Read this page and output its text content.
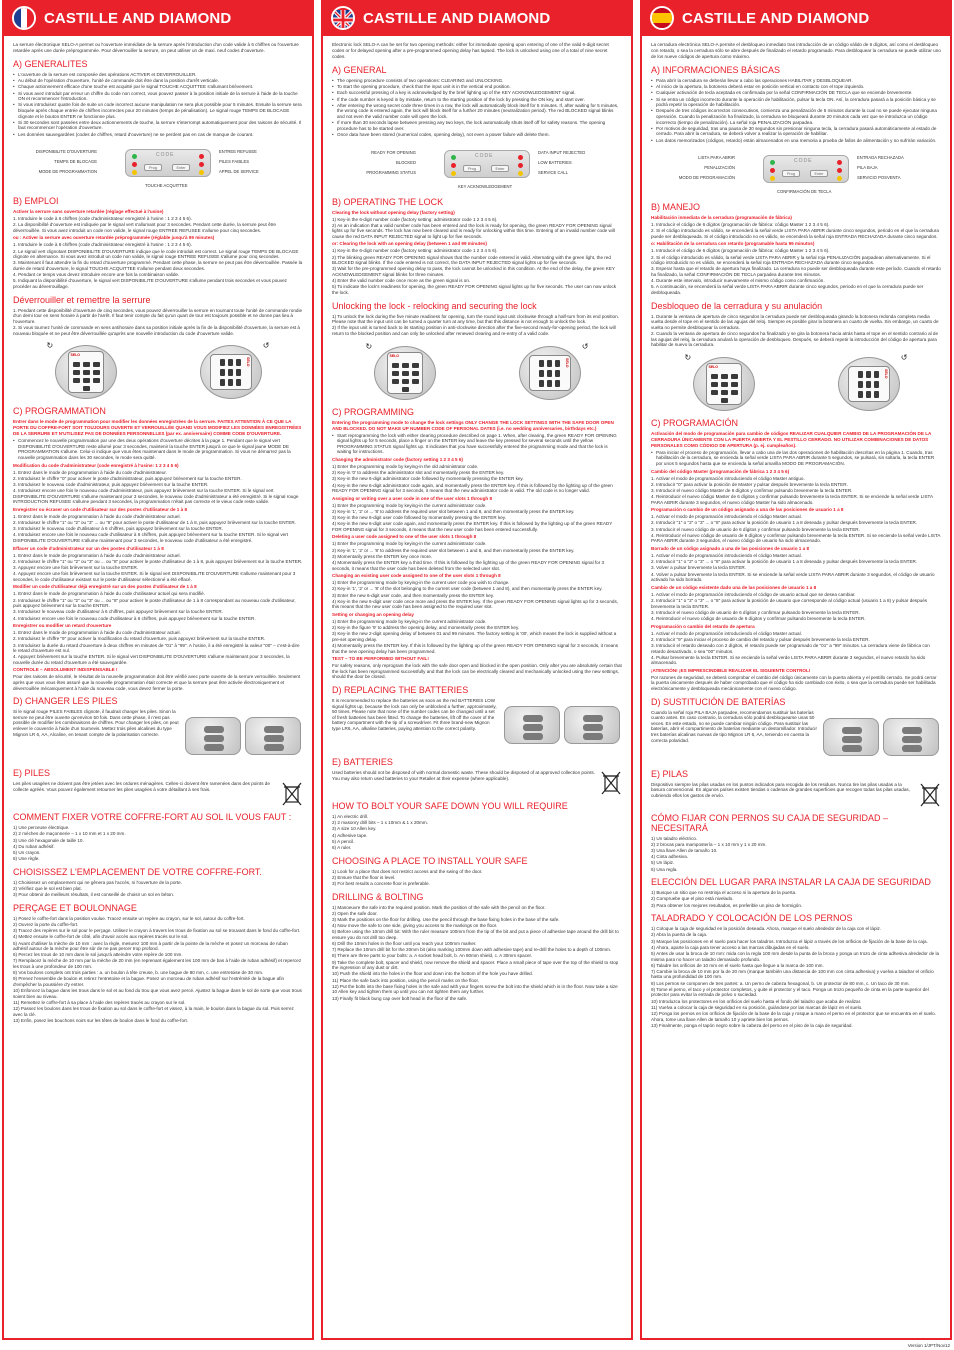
CASTILLE AND DIAMOND

La serrure électronique SELO-A permet ou l'ouverture immédiate de la serrure après l'introduction d'un code valide à 6 chiffres ou l'ouverture retardée après une durée préprogrammée. Pour déverrouiller la serrure, on peut utiliser un de maxi. neuf codes d'ouverture.

A) GENERALITES
• L'ouverture de la serrure est composée des opérations ACTIVER et DEVERROUILLER.
• Au début de l'opération d'ouverture, l'unité de commande doit être dans la position d'arrêt verticale.
• Chaque actionnement efficace d'une touche est acquitté par le signal TOUCHE ACQUITTEE s'allumant brièvement.
• Si vous avez introduit par erreur un chiffre du code non correct, vous pouvez passer à la position initiale de la serrure à l'aide de la touche ON et recommencer l'introduction.
• Si vous introduisez quatre fois de suite un code incorrect aucune manipulation ne sera plus possible pour 5 minutes. Ensuite la serrure sera bloquée après chaque entrée de chiffres incorrectes pour 20 minutes (temps de pénalisation). Le signal rouge TEMPS DE BLOCAGE clignote et le bouton ENTER ne fonctionne plus.
• Si 30 secondes sont passées entre deux actionnements de touche, la serrure s'interrompt automatiquement pour des raisons de sécurité. Il faut recommencer l'opération d'ouverture.
• Les données sauvegardées (codes de chiffres, retard d'ouverture) ne se perdent pas en cas de manque de courant.
DISPONIBILITE D'OUVERTURE
TEMPS DE BLOCAGE
MODE DE PROGRAMMATION
CODE
Prog	Enter
ENTREE REFUSEE
PILES FAIBLES
APPEL DE SERVICE
TOUCHE ACQUITTEE
B) EMPLOI
Activer la serrure sans ouverture retardée (réglage effectué à l'usine)
1. Introduire le code à 6 chiffres (code d'administrateur enregistré à l'usine : 1 2 3 4 5 6).
2. La disponibilité d'ouverture est indiquée par le signal vert s'allumant pour 3 secondes. Pendant cette durée, la serrure peut être déverrouillée. Si vous avez introduit un code non valide, le signal rouge ENTREE REFUSEE s'allume pour cinq secondes.
ou : Activer la serrure avec ouverture retardée préprogrammée (réglable jusqu'à 99 minutes)
1. Introduire le code à 6 chiffres (code d'administrateur enregistré à l'usine : 1 2 3 4 5 6).
2. Le signal vert clignotant DISPONIBILITE D'OUVERTURE indique que le code introduit est correct. Le signal rouge TEMPS DE BLOCAGE clignote en alternance. Si vous avez introduit un code non valide, le signal rouge ENTREE REFUSEE s'allume pour cinq secondes.
3. Maintenant il faut attendre la fin du retard d'ouverture programmé. Pendant cette phase, la serrure ne peut pas être déverrouillée. Passée la durée de retard d'ouverture, le signal TOUCHE ACQUITTEE s'allume pendant deux secondes.
4. Pendant ce temps vous devez introduire encore une fois la combinaison valide.
5. Indiquant la disponibilité d'ouverture, le signal vert DISPONIBILITE D'OUVERTURE s'allume pendant trois secondes et vous pouvez procéder au déverrouillage.
Déverrouiller et remettre la serrure
1. Pendant cette disponibilité d'ouverture de cinq secondes, vous pouvez déverrouiller la serrure en tournant toute l'unité de commande rondie d'un demi tour en sens horaire à partir de l'arrêt. Il faut tenir compte du fait qu'un quart de tour est toujours possible et ne donne pas lieu à l'ouverture.
2. Si vous tournez l'unité de commande en sens antihoraire dans sa position initiale après la fin de la disponibilité d'ouverture, la serrure est à nouveau bloquée et ne peut être déverrouillée qu'après une nouvelle introduction du code d'ouverture valide.
SELO
↻
SELO
↺
C) PROGRAMMATION
Entrer dans le mode de programmation pour modifier les données enregistrées de la serrure. FAITES ATTENTION À CE QUE LA PORTE DU COFFRE-FORT SOIT TOUJOURS OUVERTE ET VERROUILLÉE QUAND VOUS MODIFIEZ LES DONNÉES ENREGISTRÉES DE LA SERRURE ET N'UTILISEZ PAS DE DONNÉES PERSONNELLES (par ex. anniversaire) COMME CODE D'OUVERTURE.
• Commencez le nouvelle programmation par une des deux opérations d'ouverture décrites à la page 1. Pendant que le signal vert DISPONIBILITÉ D'OUVERTURE reste allumé pour 3 secondes, maintenir la touche ENTER jusqu'à ce que le signal jaune MODE DE PROGRAMMATION s'allume. Celui-ci indique que vous êtes maintenant dans le mode de programmation. Si vous ne démarrez pas la nouvelle programmation dans les 30 secondes, le mode sera quitté.
Modification du code d'administrateur (code enregistré à l'usine: 1 2 3 4 5 6)
1. Entrez dans le mode de programmation à l'aide du code d'administrateur.
2. Introduisez le chiffre "0" pour activer le poste d'administrateur, puis appuyez brièvement sur la touche ENTER.
3. Introduisez le nouveau code d'administrateur, puis appuyez brièvement sur la touche ENTER.
4. Introduisez encore une fois le nouveau code d'administrateur, puis appuyez brièvement sur la touche ENTER. Si le signal vert DISPONIBILITE D'OUVERTURE s'allume maintenant pour 3 secondes, le nouveau code d'administrateur a été enregistré. Si le signal rouge INTRODUCTION REFUSEE s'allume pendant 3 secondes, la programmation n'était pas correcte et le vieux code reste valide.
Enregistrer ou écraser un code d'utilisateur sur des postes d'utilisateur de 1 à 8
1. Entrez dans le mode de programmation à l'aide du code d'administrateur actuel.
2. Introduisez le chiffre "1" ou "2" ou "3" ... ou "8" pour activer le poste d'utilisateur de 1 à 8, puis appuyez brièvement sur la touche ENTER.
3. Introduisez le nouveau code d'utilisateur à 6 chiffres, puis appuyez brièvement sur la touche ENTER.
4. Introduisez encore une fois le nouveau code d'utilisateur à 6 chiffres, puis appuyez brièvement sur la touche ENTER. Si le signal vert DISPONIBILITE D'OUVERTURE s'allume maintenant pour 3 secondes, le nouveau code d'utilisateur a été enregistré.
Effacer un code d'administrateur sur un des postes d'utilisateur 1 à 8
1. Entrez dans le mode de programmation à l'aide du code d'administrateur actuel.
2. Introduisez le chiffre "1" ou "2" ou "3" ou ... ou "8" pour activer le poste d'utilisateur de 1 à 8, puis appuyez brièvement sur la touche ENTER.
3. Appuyez encore une fois brièvement sur la touche ENTER.
4. Appuyez encore une fois brièvement sur la touche ENTER. Si le signal vert DISPONIBILITE D'OUVERTURE s'allume maintenant pour 3 secondes, le code d'utilisateur existant sur le poste d'utilisateur sélectionné a été effacé.
Modifier un code d'utilisateur déjà enregistré sur un des postes d'utilisateur de 1 à 8
1. Entrez dans le mode de programmation à l'aide du code d'utilisateur actuel qui sera modifié.
2. Introduisez le chiffre "1" ou "2" ou "3" ou ... ou "8" pour activer le poste d'utilisateur de 1 à 8 correspondant au nouveau code d'utilisateur, puis appuyez brièvement sur la touche ENTER.
3. Introduisez le nouveau code d'utilisateur à 6 chiffres, puis appuyez brièvement sur la touche ENTER.
4. Introduisez encore une fois le nouveau code d'utilisateur à 6 chiffres, puis appuyez brièvement sur la touche ENTER.
Enregistrer ou modifier un retard d'ouverture
1. Entrez dans le mode de programmation à l'aide du code d'administrateur actuel.
2. Introduisez le chiffre "9" pour activer la modification du retard d'ouverture, puis appuyez brièvement sur la touche ENTER.
3. Introduisez la durée du retard d'ouverture à deux chiffres en minutes de "01" à "99". A l'usine, il a été enregistré la valeur "00" – c'est-à-dire le retard d'ouverture est nul.
4. Appuyez brièvement sur la touche ENTER. Si le signal vert DISPONIBILITE D'OUVERTURE s'allume maintenant pour 3 secondes, la nouvelle durée du retard d'ouverture a été sauvegardée.
CONTROLE – ABSOLUMENT INDISPENSABLE !

Pour des raisons de sécurité, le résultat de la nouvelle programmation doit être vérifié avec porte ouverte de la serrure verrouillée. Seulement après que vous vous êtes assuré que la nouvelle programmation était correcte et que la serrure peut être activée électroniquement et déverrouillée mécaniquement à l'aide du nouveau code, vous devez fermer la porte.

D) CHANGER LES PILES

Si le signal rouge PILES FAIBLES clignote, il faudrait changer les piles. Sinon la serrure ne peut être ouverte qu'environ 50 fois. Dans cette phase, il n'est pas possible de modifier les combinaisons de chiffres. Pour changer les piles, on peut enlever le couvercle à l'aide d'un tournevis. Mettez trois piles alcalines du type Mignon LR 6, AA, Alcaline, en tenant compte de la polarisation correcte.

E) PILES

Les piles usagées ne doivent pas être jetées avec les ordures ménagères. Celles-ci doivent être ramenées dans des points de collecte agréés. Vous pouvez également retourner les piles usagées à votre détaillant à ses frais.

COMMENT FIXER VOTRE COFFRE-FORT AU SOL IL VOUS FAUT :
1) Une perceuse électrique.
2) 2 mèches de maçonnerie – 1 x 10 mm et 1 x 20 mm.
3) Une clé hexagonale de taille 10.
4) Du ruban adhésif.
5) Un crayon.
6) Une règle.
CHOISISSEZ L'EMPLACEMENT DE VOTRE COFFRE-FORT.
1) Choisissez un emplacement qui ne gênera pas l'accès, ni l'ouverture de la porte.
2) Vérifiez que le sol est bien plat.
3) Pour obtenir de meilleurs résultats, il est conseillé de choisir un sol en béton.
PERÇAGE ET BOULONNAGE
1) Posez le coffre-fort dans la position voulue. Tracez ensuite un repère au crayon, sur le sol, autour du coffre-fort.
2) Ouvrez la porte du coffre-fort.
3) Tracez des repères sur le sol pour le perçage. Utilisez le crayon à travers les trous de fixation au sol se trouvant dans le fond du coffre-fort.
4) Mettez ensuite le coffre-fort de côté, afin d'avoir accès aux repères tracés sur le sol.
5) Avant d'utiliser la mèche de 10 mm : avec la règle, mesurez 100 mm à partir de la pointe de la mèche et posez un morceau de ruban adhésif autour de la mèche pour être sûr de ne pas percer trop profond.
6) Percez les trous de 10 mm dans le sol jusqu'à atteindre votre repère de 100 mm.
7) Remplacez la mèche de 10 mm par la mèche de 20 mm (en reprenant également les 100 mm de bas à l'aide de ruban adhésif) et repercez les trous à une profondeur de 100 mm.
8) Vos boulons complets ont trois parties : a. un boulon à tête creuse, b. une bague de 80 mm, c. une entretoise de 30 mm.
9) Prenez l'ensemble de boulon et retirez l'entretoise et la bague. Posez un morceau de ruban adhésif sur l'extrémité de la bague afin d'empêcher la poussière d'y entrer.
10) Enfoncez la bague dans les trous dans le sol et au fond du trou que vous avez percé. Ajustez la bague dans le sol de sorte que vous trous soient bien au niveau.
11) Remettez le coffre-fort à sa place à l'aide des repères tracés au crayon sur le sol.
12) Passez les boulons dans les trous de fixation au sol dans le coffre-fort et vissez, à la main, le boulon dans la bague du sol. Puis serrez avec la clé.
13) Enfin, posez les bouchons noirs sur les têtes de boulon dans le fond du coffre-fort.
CASTILLE AND DIAMOND

Electronic lock SELO-A can be set for two opening methods: either for immediate opening upon entering of one of the valid 6-digit secret codes or for delayed opening after a pre-programmed opening delay has lapsed. The lock is unlocked using one of a total of nine secret codes.

A) GENERAL
• The opening procedure consists of two operations: CLEARING and UNLOCKING.
• To start the opening procedure, check that the input unit is in the vertical end position.
• Each successful pressing of a key is acknowledged by the brief lighting up of the KEY ACKNOWLEDGEMENT signal.
• If the code number is keyed in by mistake, return to the starting position of the lock by pressing the ON key, and start over.
• After entering the wrong secret code three times in a row, the lock will automatically block itself for 5 minutes. If, after waiting for 5 minutes, the wrong code is entered again, the lock will block itself for a further 20 minutes (neutralization period). The red BLOCKED signal blinks and not even the valid number code will open the lock.
• If more than 30 seconds lapse between pressing any two keys, the lock automatically shuts itself off for safety reasons. The opening procedure has to be started over.
• Once data have been stored (numerical codes, opening delay), not even a power failure will delete them.
READY FOR OPENING
BLOCKED
PROGRAMMING STATUS
CODE
Prog	Enter
DATA INPUT REJECTED
LOW BATTERIES
SERVICE CALL
KEY ACKNOWLEDGEMENT
B) OPERATING THE LOCK
Clearing the lock without opening delay (factory setting)
1) Key-in the 6-digit number code (factory setting: administrator code 1 2 3 4 5 6).
2) As an indication that a valid number code has been entered and the lock is ready for opening, the green READY FOR OPENING signal lights up for five seconds. The lock has now been cleared and is ready for unlocking within this time. Entering of an invalid number code will cause the red DATA INPUT REJECTED signal to light up for five seconds.
or: Clearing the lock with an opening delay (between 1 and 99 minutes)
1) Key-in the 6-digit number code (factory setting: administrator code 1 2 3 4 5 6).
2) The blinking green READY FOR OPENING signal shows that the number code entered is valid. Alternating with the green light, the red BLOCKED signal blinks. If the code entered is not correct, the DATA INPUT REJECTED signal lights up for five seconds.
3) Wait for the pre-programmed opening delay to pass, the lock cannot be unlocked in this condition. At the end of the delay, the green KEY ACKNOWLEDGEMENT signal blinks for three minutes.
4) Enter the valid number code once more as the green signal is on.
5) To indicate the lock's readiness for opening, the green READY FOR OPENING signal lights up for five seconds. The user can now unlock the lock.
Unlocking the lock - relocking and securing the lock
1) To unlock the lock during the five minute readiness for opening, turn the round input unit clockwise through a half-turn from its end position. Please note that the input unit can be turned a quarter turn at any time, but that this distance is not enough to unlock the lock.
2) If the input unit is turned back to its starting position in anti-clockwise direction after the five-second ready-for-opening period, the lock will return to the blocked position and can only be unlocked after renewed clearing and re-entry of a valid code.
SELO
↻
SELO
↺
C) PROGRAMMING
Entering the programming mode to change the lock settings ONLY CHANGE THE LOCK SETTINGS WITH THE SAFE DOOR OPEN AND BLOCKED. DO NOT MAKE UP NUMBER CODE OF PERSONAL DATES (i.e. no wedding anniversaries, birthdays etc.)
• Start reprogramming the lock with either clearing procedure described on page 1. When, after clearing, the green READY FOR OPENING signal lights up for 5 seconds, place a finger on the ENTER key and leave the key pressed for several seconds until the yellow PROGRAMMING STATUS signal lights up. It indicates that you have successfully entered the programming mode and that the lock is waiting for instructions.
Changing the administrator code (factory setting 1 2 3 4 5 6)
1) Enter the programming mode by keying-in the old administrator code.
2) Key-in '0' to address the administrator slot and momentarily press the ENTER key.
3) Key-in the new 6-digit administrator code followed by momentarily pressing the ENTER key.
4) Key-in the new 6-digit administrator code again, and momentarily press the ENTER key. If this is followed by the lighting up of the green READY FOR OPENING signal for 3 seconds, it means that the new administrator code is valid. The old code is no longer valid.
Assigning or writing over a user code in one of the user slots 1 through 8
1) Enter the programming mode by keying-in the current administrator code.
2) Key-in '1', '2' or ... '8' to address the required user slot between 1 and 8, and then momentarily press the ENTER key.
3) Key-in the new 6-digit user code followed by momentarily pressing the ENTER key.
4) Key-in the new 6-digit user code again, and momentarily press the ENTER key. If this is followed by the lighting up of the green READY FOR OPENING signal for 3 seconds, it means that the new user code has been entered successfully.
Deleting a user code assigned to one of the user slots 1 through 8
1) Enter the programming mode by keying-in the current administrator code.
2) Key-in '1', '2' or ... '8' to address the required user slot between 1 and 8, and then momentarily press the ENTER key.
3) Momentarily press the ENTER key once more.
4) Momentarily press the ENTER key a third time. If this is followed by the lighting up of the green READY FOR OPENING signal for 3 seconds, it means that the user code has been deleted from the selected user slot.
Changing an existing user code assigned to one of the user slots 1 through 8
1) Enter the programming mode by keying-in the current user code you wish to change.
2) Key-in '1', '2' or ... '8' of the slot belonging to the current user code (between 1 and 8), and then momentarily press the ENTER key.
3) Enter the new 6-digit user code, and then momentarily press the ENTER key.
4) Key-in the new 6-digit user code once more and press the ENTER key. If the green READY FOR OPENING signal lights up for 3 seconds, this means that the new user code has been assigned to the required user slot.
Setting or changing an opening delay
1) Enter the programming mode by keying-in the current administrator code.
2) Key-in the figure '9' to address the opening delay, and momentarily press the ENTER key.
3) Key-in the new 2-digit opening delay of between 01 and 99 minutes. The factory setting is '00', which means the lock is supplied without a pre-set opening delay.
4) Momentarily press the ENTER key. If this is followed by the lighting up of the green READY FOR OPENING signal for 3 seconds, it means that the new opening delay has been programmed.
TEST – TO BE PERFORMED WITHOUT FAIL!

For safety reasons, only reprogram the lock with the safe door open and blocked in the open position. Only after you are absolutely certain that the lock has been reprogrammed successfully and that the lock can be electrically cleared and mechanically unlocked using the new settings, should the door be closed.

D) REPLACING THE BATTERIES

It is recommended to replace the batteries as soon as the red BATTERIES LOW signal lights up, because the lock can only be unblocked a further, approximately, 50 times. Please note that none of the number codes can be changed until a set of fresh batteries has been fitted. To change the batteries, lift off the cover of the battery compartment with the tip of a screwdriver. Fit three brand-new Mignon type LR6, AA, alkaline batteries, paying attention to the correct polarity.

E) BATTERIES

Used batteries should not be disposed of with normal domestic waste. These should be disposed of at approved collection points. You may also return used batteries to your Retailer at their expense (where applicable).

HOW TO BOLT YOUR SAFE DOWN YOU WILL REQUIRE
1) An electric drill.
2) 2 masonry drill bits – 1 x 10mm & 1 x 20mm.
3) A size 10 Allen key.
4) Adhesive tape.
5) A pencil.
6) A ruler.
CHOOSING A PLACE TO INSTALL YOUR SAFE
1) Look for a place that does not restrict access and the swing of the door.
2) Ensure that the floor is level.
3) For best results a concrete floor is preferable.
DRILLING & BOLTING
1) Manoeuvre the safe into the required position. Mark the position of the safe with the pencil on the floor.
2) Open the safe door.
3) Mark the positions on the floor for drilling. Use the pencil through the base fixing holes in the base of the safe.
4) Now move the safe to one side, giving you access to the markings on the floor.
5) Before using the 10mm drill bit: With the ruler measure 100mm from the tip of the bit and put a piece of adhesive tape around the drill bit to ensure you do not drill too deep.
6) Drill the 10mm holes in the floor until you reach your 100mm marker.
7) Replace the 10mm drill bit for the 20mm bit (also marking 100mm down with adhesive tape) and re-drill the holes to a depth of 100mm.
8) There are three parts to your bolts: a. A socket head bolt, b. An 80mm shield, c. A 30mm spacer.
9) Take the complete bolt, spacer and shield, now remove the shield and spacer. Place a small piece of tape over the top of the shield to stop the ingression of any dust or dirt.
10) Push the shield into the holes in the floor and down into the bottom of the hole you have drilled.
11) Place the safe back into position, using the pencil marks on the floor.
12) Put the bolts into the base fixing holes in the safe and with your fingers screw the bolt into the shield which is in the floor. Now take a size 10 Allen key and tighten them up until you can not tighten them any further.
13) Finally fit black bung cap over bolt head in the floor of the safe.
CASTILLE AND DIAMOND

La cerradura electrónica SELO-A permite el desbloqueo inmediato tras introducción de un código válido de 6 dígitos, así como el desbloqueo con retardo, o sea la cerradura sólo se abre después de finalizado el retardo programado. Para desbloquear la cerradura se puede utilizar uno de los nueve códigos de apertura como máximo.

A) INFORMACIONES BÁSICAS
• Para abrir la cerradura se deberán llevar a cabo las operaciones HABILITAR y DESBLOQUEAR.
• Al inicio de la apertura, la botonera deberá estar en posición vertical en contacto con el tope izquierdo.
• Cualquier activación de tecla aceptada es confirmada por la señal CONFIRMACIÓN DE TECLA que se enciende brevemente.
• Si se entra un código incorrecto durante la operación de habilitación, pulsar la tecla ON. Así, la cerradura pasará a la posición básica y se podrá repetir la operación de habilitación.
• Después de tres códigos incorrectos consecutivos, comienza una penalización de 5 minutos durante la cual no se puede ejecutar ninguna operación. Cuando la penalización ha finalizado, la cerradura se bloqueará durante 20 minutos cada vez que se introduzca un código incorrecto (tiempo de penalización). La señal roja PENALIZACIÓN parpadea.
• Por motivos de seguridad, tras una pausa de 30 segundos sin presionar ninguna tecla, la cerradura pasará automáticamente al estado de cerrado. Para abrir la cerradura, se deberá volver a realizar la operación de habilitar.
• Los datos memorizados (códigos, retardo) están almacenados en una memoria a prueba de fallos de alimentación y no sufrirán variación.
LISTA PARA ABRIR
PENALIZACIÓN
MODO DE PROGRAMACIÓN
CODE
Prog	Enter
ENTRADA RECHAZADA
PILA BAJA
SERVICIO POSVENTA
CONFIRMACIÓN DE TECLA
B) MANEJO
Habilitación inmediata de la cerradura (programación de fábrica)
1. Introducir el código de 6 dígitos (programación de fábrica: código Master 1 2 3 4 5 6).
2. Si el código introducido es válido, se encenderá la señal verde LISTA PARA ABRIR durante cinco segundos, periodo en el que la cerradura puede ser desbloqueada. Si el código introducido no es válido, se encenderá la señal roja ENTRADA RECHAZADA durante cinco segundos.
o: Habilitación de la cerradura con retardo (programable hasta 99 minutos)
1. Introducir el código de 6 dígitos (programación de fábrica: código Master 1 2 3 4 5 6).
2. Si el código introducido es válido, la señal verde LISTA PARA ABRIR y la señal roja PENALIZACIÓN parpadean alternativamente. Si el código introducido no es válido, se encenderá la señal roja ENTRADA RECHAZADA durante cinco segundos.
3. Esperar hasta que el retardo de apertura haya finalizado. La cerradura no puede ser desbloqueada durante este período. Cuando el retardo ha finalizado, la señal CONFIRMACIÓN DE TECLA parpadea durante tres minutos.
4. Durante este intervalo, introducir nuevamente el mismo código como confirmación.
5. A continuación, se encenderá la señal verde LISTA PARA ABRIR durante cinco segundos, periodo en el que la cerradura puede ser desbloqueada.
Desbloqueo de la cerradura y su anulación
1. Durante la ventana de apertura de cinco segundos la cerradura puede ser desbloqueada girando la botonera redonda completa media vuelta desde el tope en el sentido de las agujas del reloj. Siempre es posible girar la botonera un cuarto de vuelta. Sin embargo, un cuarto de vuelta no permite desbloquear la cerradura.
2. Cuando la ventana de apertura de cinco segundos ha finalizado y se gira la botonera hacia atrás hasta el tope en el sentido contrario al de las agujas del reloj, la cerradura anulará la operación de desbloqueo. Después, se deberá repetir la introducción del código de apertura para habilitar de nuevo la cerradura.
SELO
↻
SELO
↺
C) PROGRAMACIÓN
Activación del modo de programación para cambio de códigos REALIZAR CUALQUIER CAMBIO DE LA PROGRAMACIÓN DE LA CERRADURA ÚNICAMENTE CON LA PUERTA ABIERTA Y EL PESTILLO CERRADO. NO UTILIZAR COMBINACIONES DE DATOS PERSONALES COMO CÓDIGO DE APERTURA (p. ej. cumpleaños).
• Para iniciar el proceso de programación, llevar a cabo una de las dos operaciones de habilitación descritas en la página 1. Cuando, tras habilitación de la cerradura, se encienda la señal verde LISTA PARA ABRIR durante 5 segundos, se pulsará, sin soltarla, la tecla ENTER por unos 5 segundos hasta que se encienda la señal amarilla MODO DE PROGRAMACIÓN.
Cambio del código Master (programación de fábrica 1 2 3 4 5 6)
1. Activar el modo de programación introduciendo el código Master antiguo.
2. Introducir "0" para activar la posición de Master y pulsar después brevemente la tecla ENTER.
3. Introducir el nuevo código Master de 6 dígitos y confirmar pulsando brevemente la tecla ENTER.
4. Reintroducir el nuevo código Master de 6 dígitos y confirmar pulsando brevemente la tecla ENTER. Si se enciende la señal verde LISTA PARA ABRIR durante 3 segundos, el nuevo código Master ha sido almacenado.
Programación o cambio de un código asignado a una de las posiciones de usuario 1 a 8
1. Activar el modo de programación introduciendo el código Master actual.
2. Introducir "1" o "2" o "3" ... o "8" para activar la posición de usuario 1 a 8 deseada y pulsar después brevemente la tecla ENTER.
3. Introducir el nuevo código de usuario de 6 dígitos y confirmar pulsando brevemente la tecla ENTER.
4. Reintroducir el nuevo código de usuario de 6 dígitos y confirmar pulsando brevemente la tecla ENTER. Si se enciende la señal verde LISTA PARA ABRIR durante 3 segundos, el nuevo código de usuario ha sido almacenado.
Borrado de un código asignado a una de las posiciones de usuario 1 a 8
1. Activar el modo de programación introduciendo el código Master actual.
2. Introducir "1" o "2" o "3" ... o "8" para activar la posición de usuario 1 a 8 deseada y pulsar después brevemente la tecla ENTER.
3. Volver a pulsar brevemente la tecla ENTER.
4. Volver a pulsar brevemente la tecla ENTER. Si se enciende la señal verde LISTA PARA ABRIR durante 3 segundos, el código de usuario activado ha sido borrado.
Cambio de un código existente dado una de las posiciones de usuario 1 a 8
1. Activar el modo de programación introduciendo el código de usuario actual que se desea cambiar.
2. Introducir "1" o "2" o "3" ... o "8" para activar la posición de usuario que corresponde al código actual (usuario 1 a 8) y pulsar después brevemente la tecla ENTER.
3. Introducir el nuevo código de usuario de 6 dígitos y confirmar pulsando brevemente la tecla ENTER.
4. Reintroducir el nuevo código de usuario de 6 dígitos y confirmar pulsando brevemente la tecla ENTER.
Programación o cambio del retardo de apertura
1. Activar el modo de programación introduciendo el código Master actual.
2. Introducir "9" para iniciar el proceso de cambio del retardo y pulsar después brevemente la tecla ENTER.
3. Introducir el retardo deseado con 2 dígitos, el retardo puede ser programado de "01" a "99" minutos. La cerradura viene de fábrica con retardo desactivado, o sea "00" minutos.
4. Pulsar brevemente la tecla ENTER. Si se enciende la señal verde LISTA PARA ABRIR durante 3 segundos, el nuevo retardo ha sido almacenado.
¡ATENCIÓN! ¡ES IMPRESCINDIBLE REALIZAR EL SIGUIENTE CONTROL!

Por razones de seguridad, se deberá comprobar el cambio del código únicamente con la puerta abierta y el pestillo cerrado. Se podrá cerrar la puerta únicamente después de haber comprobado que el código ha sido cambiado con éxito, o sea que la cerradura puede ser habilitada electrónicamente y desbloqueada mecánicamente con el nuevo código.

D) SUSTITUCIÓN DE BATERÍAS

Cuando la señal roja PILA BAJA parpadee, recomendamos sustituir las baterías cuanto antes. En caso contrario, la cerradura sólo podrá desbloquearse unas 50 veces. En este estado, no se puede cambiar ningún código. Para sustituir las baterías, abrir el compartimento de baterías mediante un destornillador. Introducir tres baterías alcalinas nuevas de tipo Mignon LR 6, AA, teniendo en cuenta la correcta polaridad.

E) PILAS

Dispositivo siempre las pilas usadas en los puntos indicados para recogida de los residuos. Nunca tire las pilas usadas a la basura convencional. En algunos países existen tiendas o cadenas de grandes superficies que recogen todas las pilas usadas, cubriendo ellos los gastos de envío.

CÓMO FIJAR CON PERNOS SU CAJA DE SEGURIDAD – NECESITARÁ
1) Un taladro eléctrico.
2) 2 brocas para mampostería – 1 x 10 mm y 1 x 20 mm.
3) Una llave Allen de tamaño 10.
4) Cinta adhesiva.
5) Un lápiz.
6) Una regla.
ELECCIÓN DEL LUGAR PARA INSTALAR LA CAJA DE SEGURIDAD
1) Busque un sitio que no restrinja el acceso ni la apertura de la puerta.
2) Compruebe que el piso está nivelado.
3) Para obtener los mejores resultados, es preferible un piso de hormigón.
TALADRADO Y COLOCACIÓN DE LOS PERNOS
1) Coloque la caja de seguridad en la posición deseada. Ahora, marque el suelo alrededor de la caja con el lápiz.
2) Abra la puerta de la caja.
3) Marque las posiciones en el suelo para hacer los taladros. Introduzca el lápiz a través de los orificios de fijación de la base de la caja.
4) Ahora, aparte la caja para tener acceso a las marcas dibujadas en el suelo.
5) Antes de usar la broca de 10 mm: mida con la regla 100 mm desde la punta de la broca y ponga un trozo de cinta adhesiva alrededor de la misma para no hacer un taladro demasiado profundo.
6) Taladre los orificios de 10 mm en el suelo hasta que llegue a la marca de 100 mm.
7) Cambie la broca de 10 mm por la de 20 mm (marque también una distancia de 100 mm con cinta adhesiva) y vuelva a taladrar el orificio hasta una profundidad de 100 mm.
8) Los pernos se componen de tres partes: a. Un perno de cabeza hexagonal, b. Un protector de 80 mm, c. Un taco de 30 mm.
9) Tome el perno, el taco y el protector completos, y quite el protector y el taco. Ponga un trozo pequeño de cinta en la parte superior del protector para evitar la entrada de polvo o suciedad.
10) Introduzca los protectores en los orificios del suelo hasta el fondo del taladro que acaba de realizar.
11) Vuelva a colocar la caja de seguridad en su posición, guiándose por las marcas de lápiz en el suelo.
12) Ponga los pernos en los orificios de fijación de la base de la caja y rosque a mano el perno en el protector que se encuentra en el suelo. Ahora, tome una llave Allen de tamaño 10 y apriete bien los pernos.
13) Finalmente, ponga el tapón negro sobre la cabeza del perno en el piso de la caja de seguridad.
Version 1/JPT/Nov12
